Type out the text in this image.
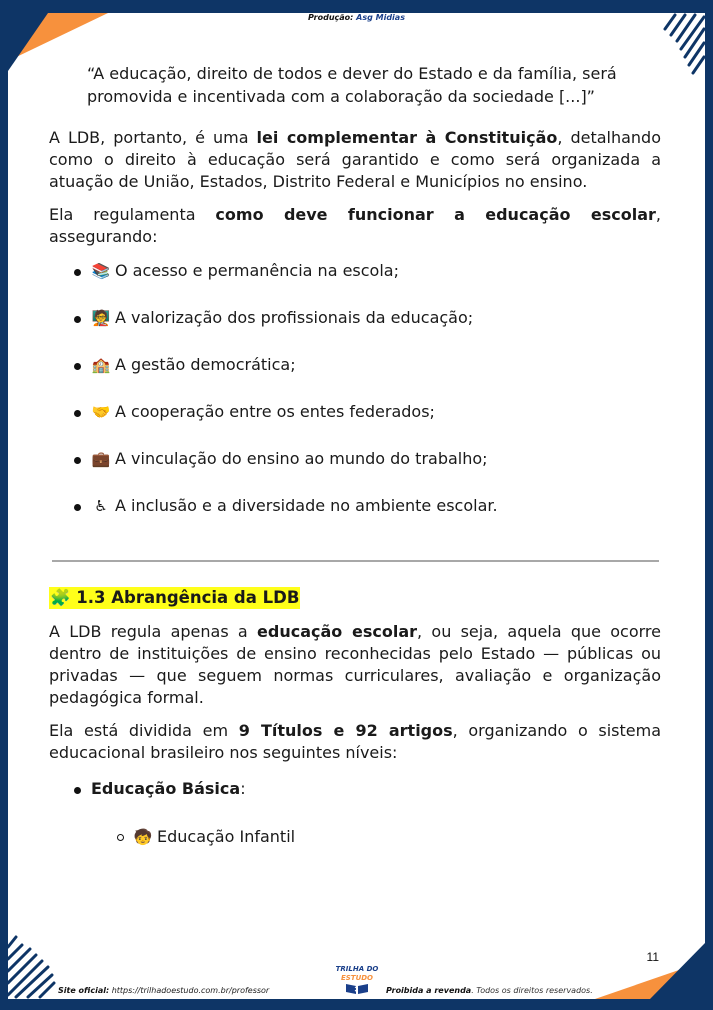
Produção: Asg Midias
“A educação, direito de todos e dever do Estado e da família, será promovida e incentivada com a colaboração da sociedade [...]”

A LDB, portanto, é uma lei complementar à Constituição, detalhando como o direito à educação será garantido e como será organizada a atuação de União, Estados, Distrito Federal e Municípios no ensino.

Ela regulamenta como deve funcionar a educação escolar, assegurando:

📚 O acesso e permanência na escola;
🧑‍🏫 A valorização dos profissionais da educação;
🏫 A gestão democrática;
🤝 A cooperação entre os entes federados;
💼 A vinculação do ensino ao mundo do trabalho;
♿ A inclusão e a diversidade no ambiente escolar.
🧩 1.3 Abrangência da LDB

A LDB regula apenas a educação escolar, ou seja, aquela que ocorre dentro de instituições de ensino reconhecidas pelo Estado — públicas ou privadas — que seguem normas curriculares, avaliação e organização pedagógica formal.

Ela está dividida em 9 Títulos e 92 artigos, organizando o sistema educacional brasileiro nos seguintes níveis:

Educação Básica:
🧒 Educação Infantil
11
Site oficial: https://trilhadoestudo.com.br/professor
TRILHA DO
ESTUDO
Proibida a revenda. Todos os direitos reservados.
